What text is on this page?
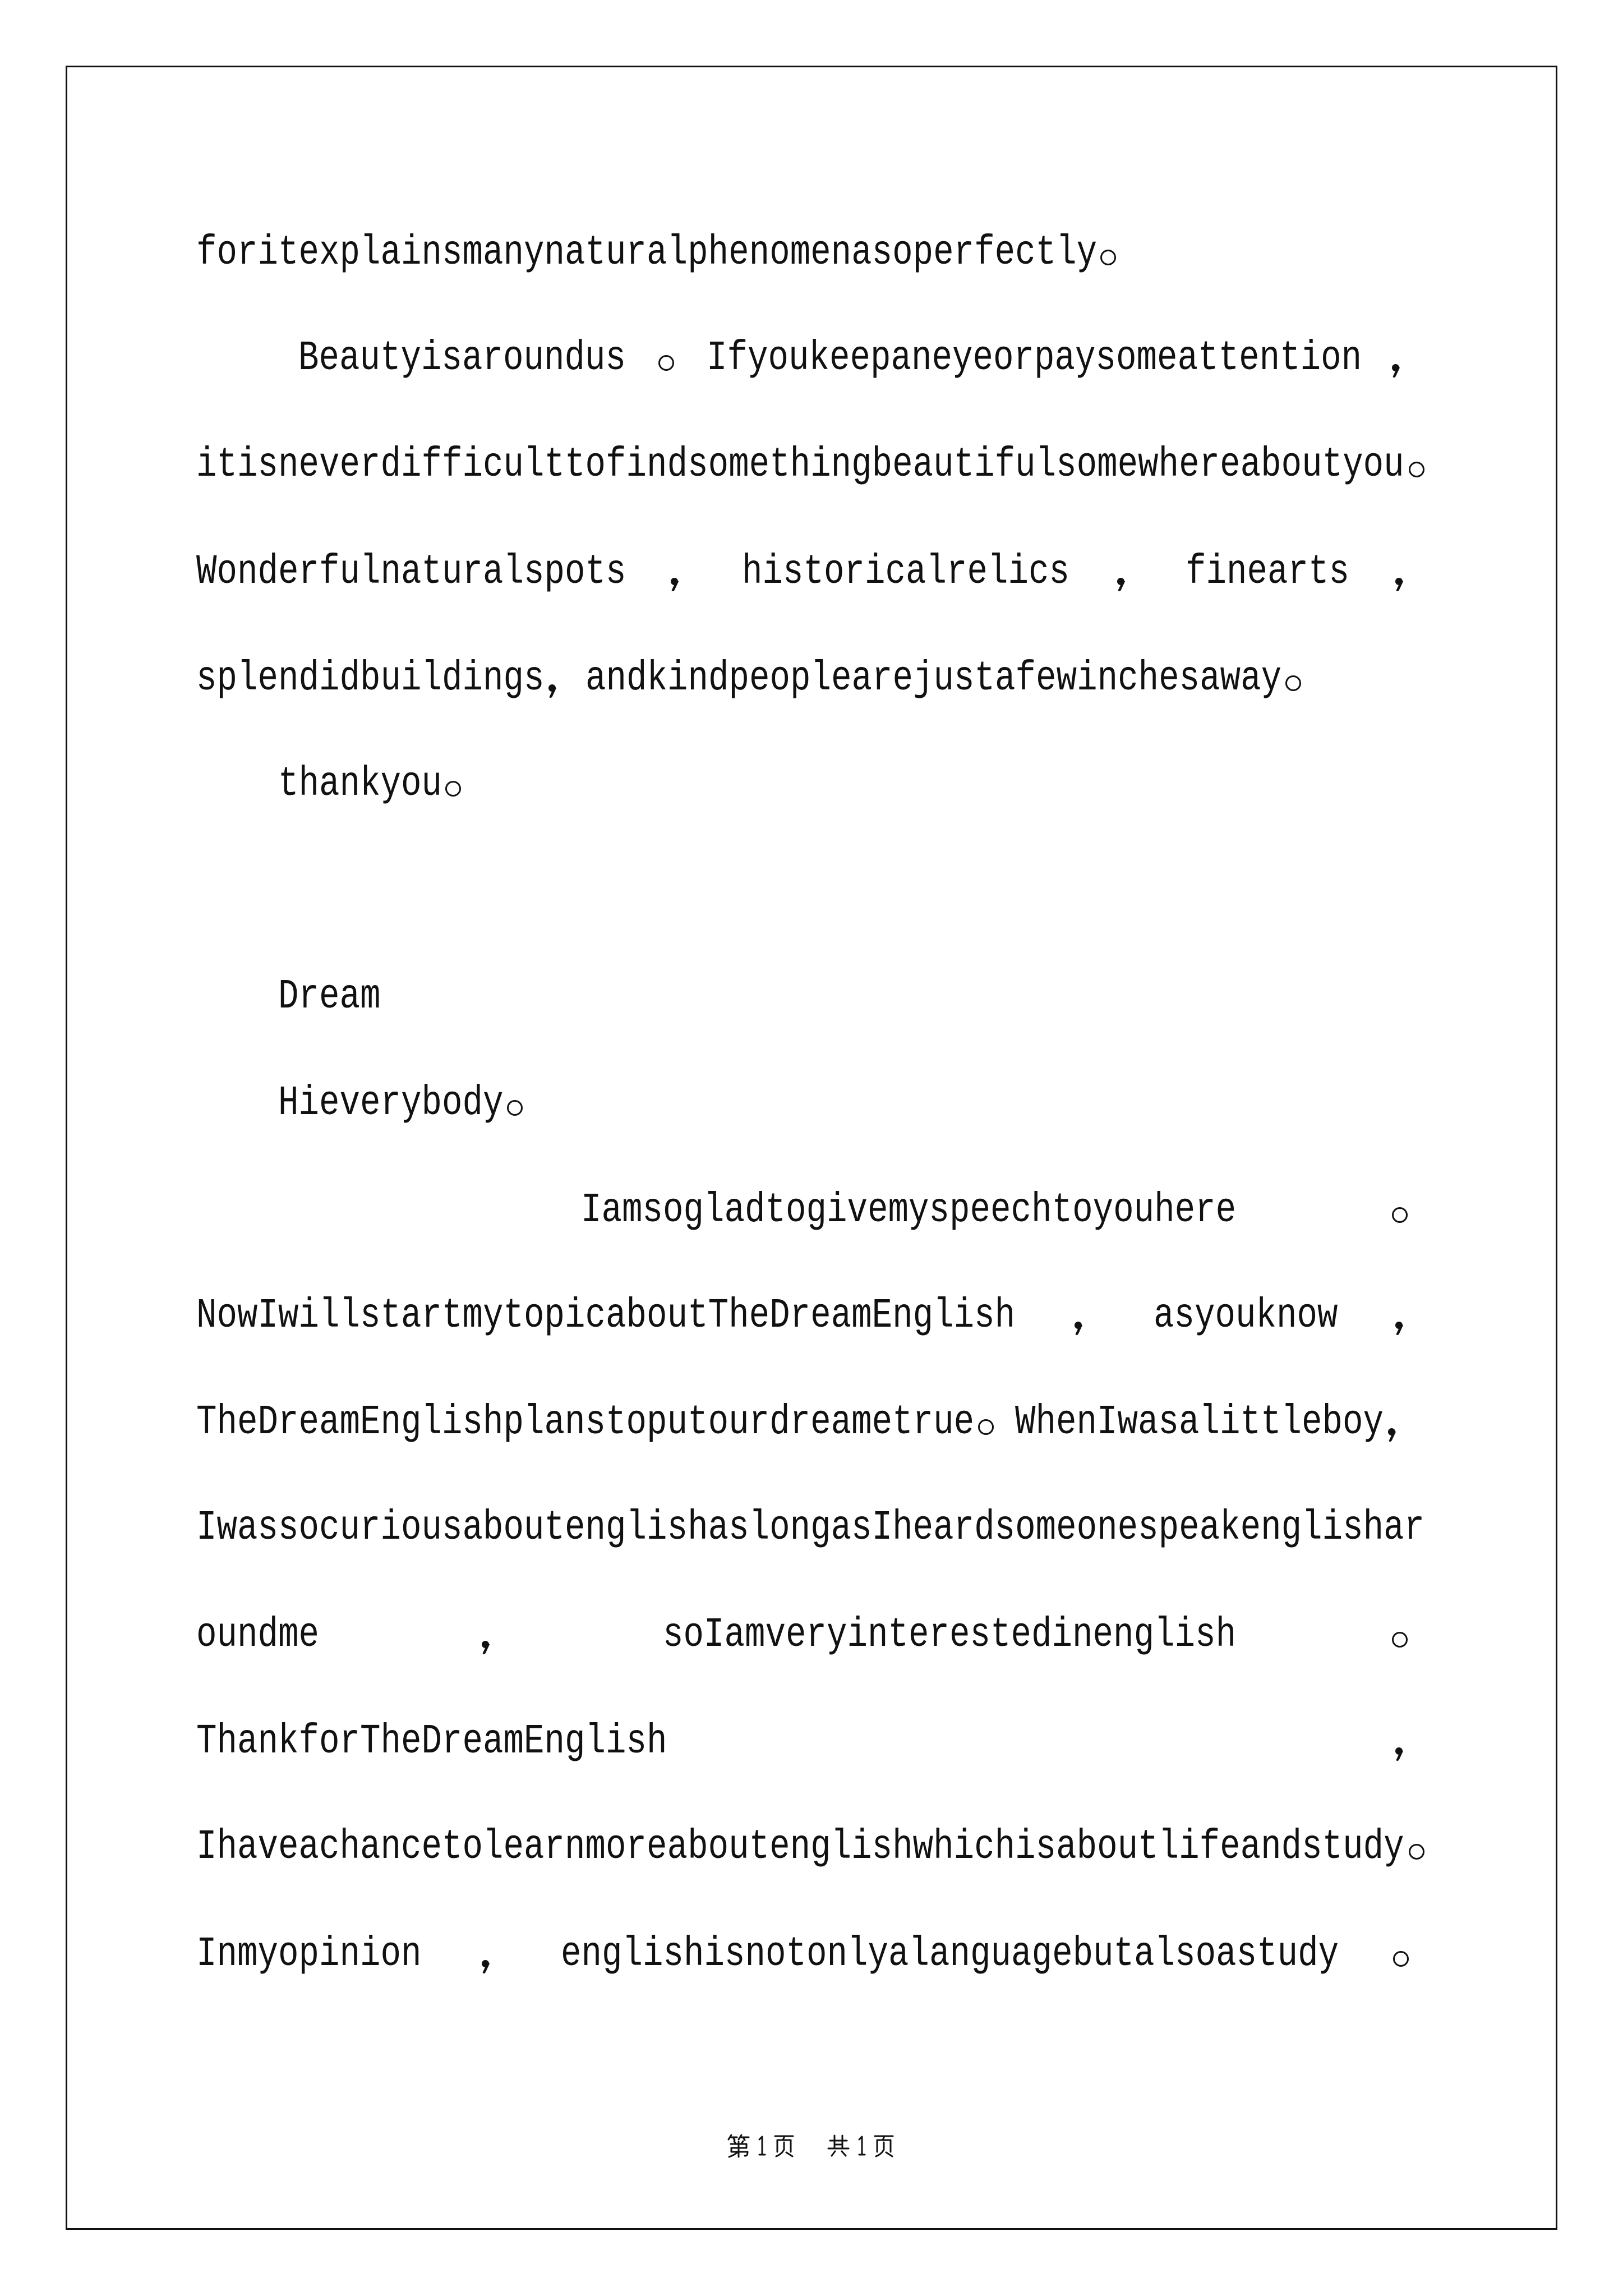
foritexplainsmanynaturalphenomenasoperfectly
Beautyisaroundus Ifyoukeepaneyeorpaysomeattention
itisneverdifficulttofindsomethingbeautifulsomewhereaboutyou
Wonderfulnaturalspots	historicalrelics	finearts
splendidbuildings andkindpeoplearejustafewinchesaway
thankyou
Dream
Hieverybody
Iamsogladtogivemyspeechtoyouhere
NowIwillstartmytopicaboutTheDreamEnglish	asyouknow
TheDreamEnglishplanstoputourdreametrue WhenIwasalittleboy
IwassocuriousaboutenglishaslongasIheardsomeonespeakenglishar
oundme	soIamveryinterestedinenglish
ThankforTheDreamEnglish
Ihaveachancetolearnmoreaboutenglishwhichisaboutlifeandstudy
Inmyopinion	englishisnotonlyalanguagebutalsoastudy
